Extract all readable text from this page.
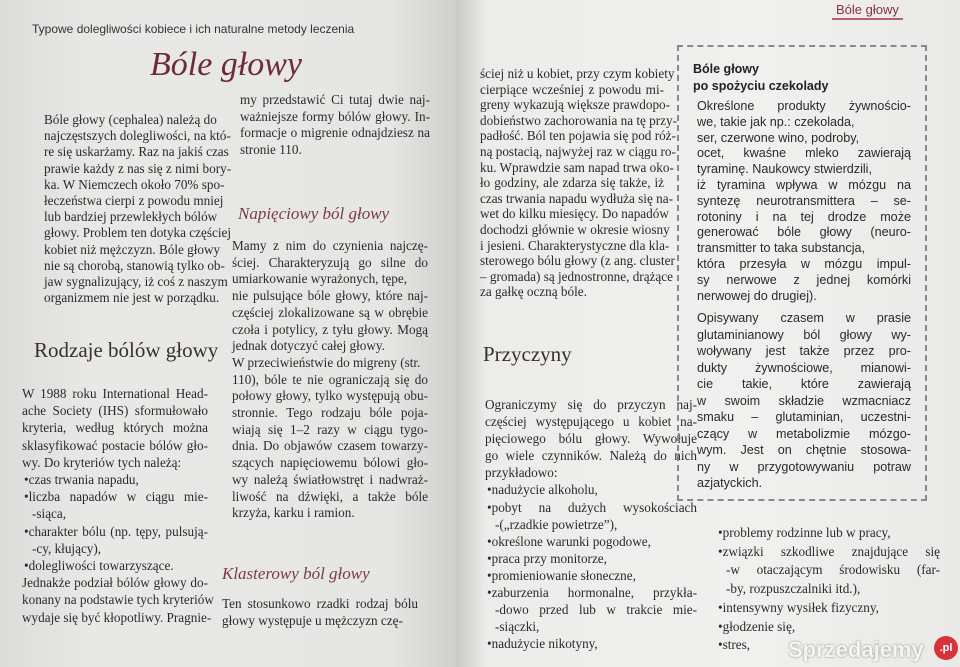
Typowe dolegliwości kobiece i ich naturalne metody leczenia
Bóle głowy
Bóle głowy
Rodzaje bólów głowy
Napięciowy ból głowy
Klasterowy ból głowy
Przyczyny
Bóle głowy (cephalea) należą do
najczęstszych dolegliwości, na któ-
re się uskarżamy. Raz na jakiś czas
prawie każdy z nas się z nimi bory-
ka. W Niemczech około 70% spo-
łeczeństwa cierpi z powodu mniej
lub bardziej przewlekłych bólów
głowy. Problem ten dotyka częściej
kobiet niż mężczyzn. Bóle głowy
nie są chorobą, stanowią tylko ob-
jaw sygnalizujący, iż coś z naszym
organizmem nie jest w porządku.
W 1988 roku International Head-
ache Society (IHS) sformułowało
kryteria, według których można
sklasyfikować postacie bólów gło-
wy. Do kryteriów tych należą:
•czas trwania napadu,
•liczba napadów w ciągu mie-
-siąca,
•charakter bólu (np. tępy, pulsują-
-cy, kłujący),
•dolegliwości towarzyszące.
Jednakże podział bólów głowy do-
konany na podstawie tych kryteriów
wydaje się być kłopotliwy. Pragnie-
my przedstawić Ci tutaj dwie naj-
ważniejsze formy bólów głowy. In-
formacje o migrenie odnajdziesz na
stronie 110.
Mamy z nim do czynienia najczę-
ściej. Charakteryzują go silne do
umiarkowanie wyrażonych, tępe,
nie pulsujące bóle głowy, które naj-
częściej zlokalizowane są w obrębie
czoła i potylicy, z tyłu głowy. Mogą
jednak dotyczyć całej głowy.
W przeciwieństwie do migreny (str.
110), bóle te nie ograniczają się do
połowy głowy, tylko występują obu-
stronnie. Tego rodzaju bóle poja-
wiają się 1–2 razy w ciągu tygo-
dnia. Do objawów czasem towarzy-
szących napięciowemu bólowi gło-
wy należą światłowstręt i nadwraż-
liwość na dźwięki, a także bóle
krzyża, karku i ramion.
Ten stosunkowo rzadki rodzaj bólu
głowy występuje u mężczyzn czę-
ściej niż u kobiet, przy czym kobiety
cierpiące wcześniej z powodu mi-
greny wykazują większe prawdopo-
dobieństwo zachorowania na tę przy-
padłość. Ból ten pojawia się pod róż-
ną postacią, najwyżej raz w ciągu ro-
ku. Wprawdzie sam napad trwa oko-
ło godziny, ale zdarza się także, iż
czas trwania napadu wydłuża się na-
wet do kilku miesięcy. Do napadów
dochodzi głównie w okresie wiosny
i jesieni. Charakterystyczne dla kla-
sterowego bólu głowy (z ang. cluster
– gromada) są jednostronne, drążące
za gałkę oczną bóle.
Ograniczymy się do przyczyn naj-
częściej występującego u kobiet na-
pięciowego bólu głowy. Wywołuje
go wiele czynników. Należą do nich
przykładowo:
•nadużycie alkoholu,
•pobyt na dużych wysokościach
-(„rzadkie powietrze”),
•określone warunki pogodowe,
•praca przy monitorze,
•promieniowanie słoneczne,
•zaburzenia hormonalne, przykła-
-dowo przed lub w trakcie mie-
-siączki,
•nadużycie nikotyny,
•problemy rodzinne lub w pracy,
•związki szkodliwe znajdujące się
-w otaczającym środowisku (far-
-by, rozpuszczalniki itd.),
•intensywny wysiłek fizyczny,
•głodzenie się,
•stres,
Bóle głowy
po spożyciu czekolady
Określone produkty żywnościo-
we, takie jak np.: czekolada,
ser, czerwone wino, podroby,
ocet, kwaśne mleko zawierają
tyraminę. Naukowcy stwierdzili,
iż tyramina wpływa w mózgu na
syntezę neurotransmittera – se-
rotoniny i na tej drodze może
generować bóle głowy (neuro-
transmitter to taka substancja,
która przesyła w mózgu impul-
sy nerwowe z jednej komórki
nerwowej do drugiej).
Opisywany czasem w prasie
glutaminianowy ból głowy wy-
woływany jest także przez pro-
dukty żywnościowe, mianowi-
cie takie, które zawierają
w swoim składzie wzmacniacz
smaku – glutaminian, uczestni-
czący w metabolizmie mózgo-
wym. Jest on chętnie stosowa-
ny w przygotowywaniu potraw
azjatyckich.
Sprzedajemy	.pl
